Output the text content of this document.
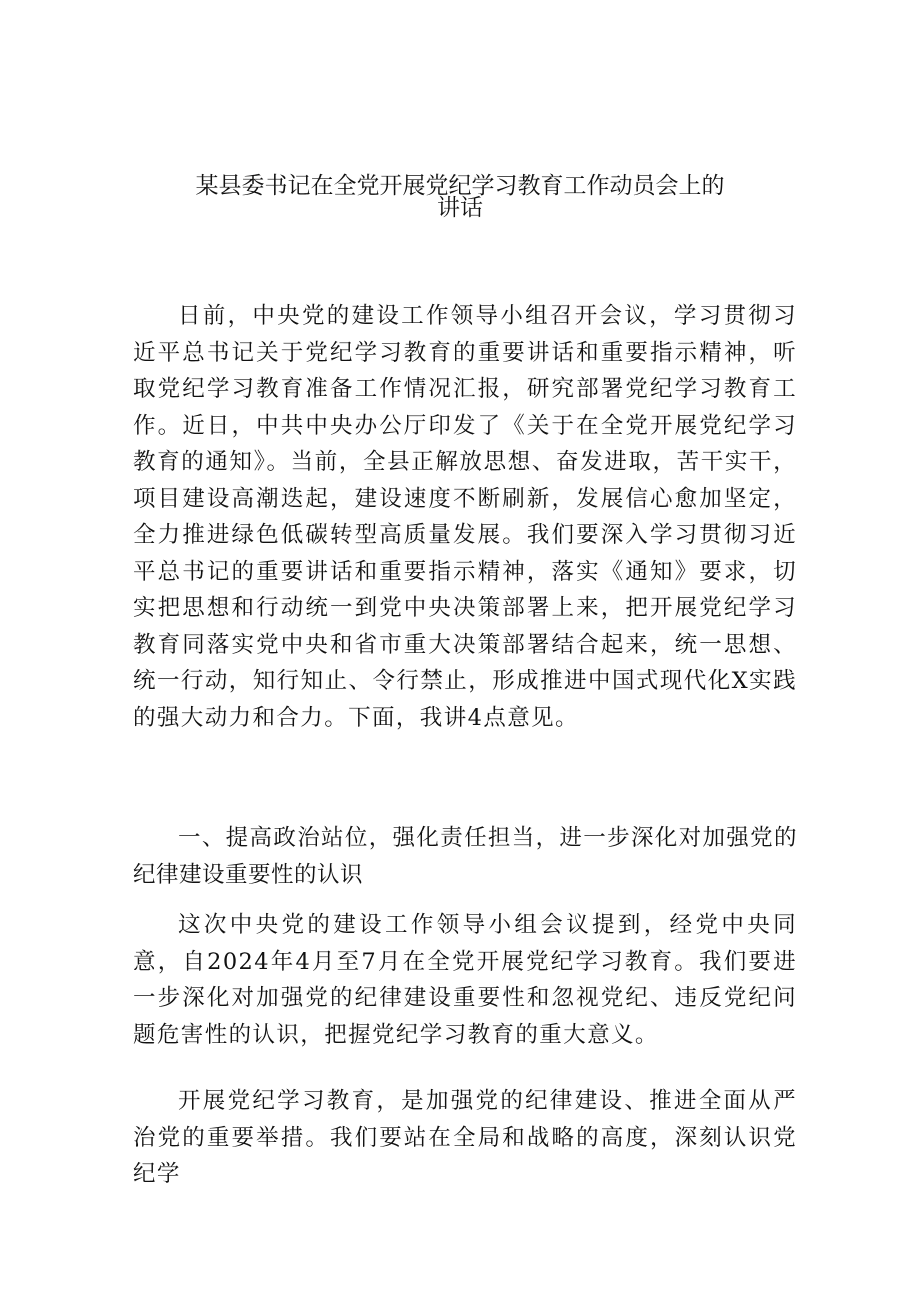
某县委书记在全党开展党纪学习教育工作动员会上的
讲话

日前，中央党的建设工作领导小组召开会议，学习贯彻习近平总书记关于党纪学习教育的重要讲话和重要指示精神，听取党纪学习教育准备工作情况汇报，研究部署党纪学习教育工作。近日，中共中央办公厅印发了《关于在全党开展党纪学习教育的通知》。当前，全县正解放思想、奋发进取，苦干实干，项目建设高潮迭起，建设速度不断刷新，发展信心愈加坚定，全力推进绿色低碳转型高质量发展。我们要深入学习贯彻习近平总书记的重要讲话和重要指示精神，落实《通知》要求，切实把思想和行动统一到党中央决策部署上来，把开展党纪学习教育同落实党中央和省市重大决策部署结合起来，统一思想、统一行动，知行知止、令行禁止，形成推进中国式现代化X实践的强大动力和合力。下面，我讲4点意见。

一、提高政治站位，强化责任担当，进一步深化对加强党的纪律建设重要性的认识

这次中央党的建设工作领导小组会议提到，经党中央同意，自2024年4月至7月在全党开展党纪学习教育。我们要进一步深化对加强党的纪律建设重要性和忽视党纪、违反党纪问题危害性的认识，把握党纪学习教育的重大意义。

开展党纪学习教育，是加强党的纪律建设、推进全面从严治党的重要举措。我们要站在全局和战略的高度，深刻认识党纪学
